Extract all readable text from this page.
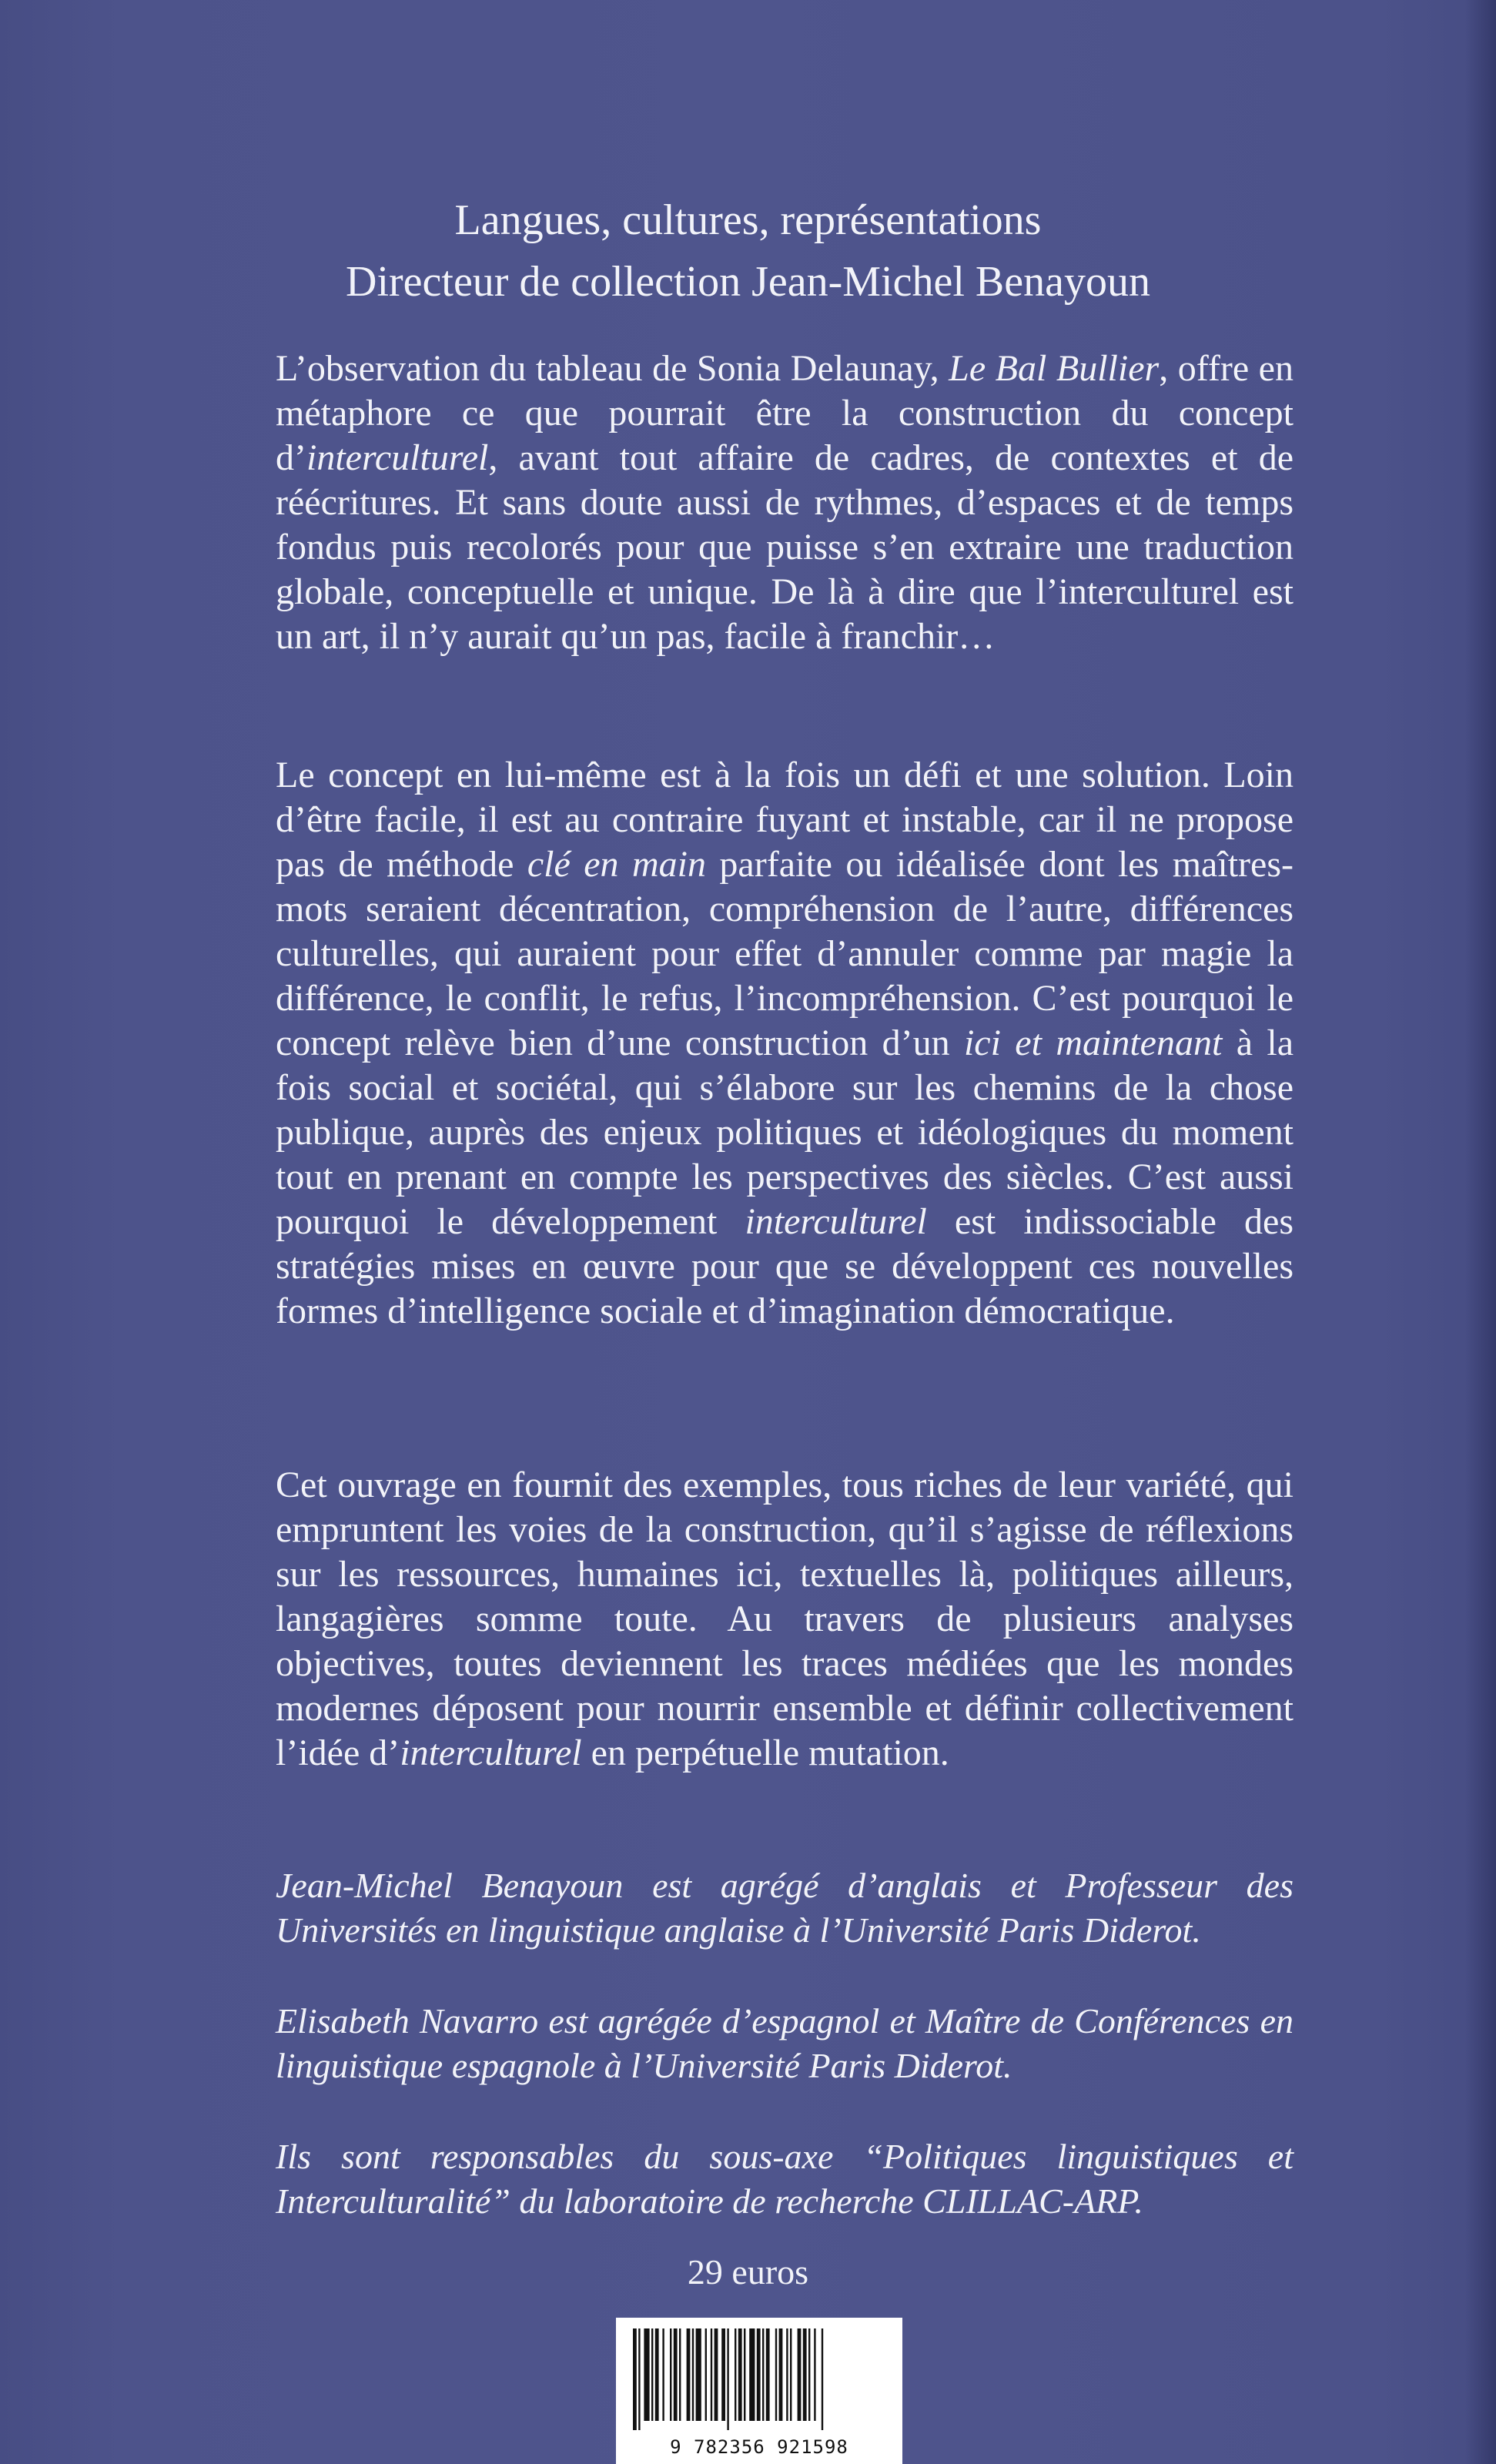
Langues, cultures, représentations
Directeur de collection Jean-Michel Benayoun

L’observation du tableau de Sonia Delaunay, Le Bal Bullier, offre en métaphore ce que pourrait être la construction du concept d’interculturel, avant tout affaire de cadres, de contextes et de réécritures. Et sans doute aussi de rythmes, d’espaces et de temps fondus puis recolorés pour que puisse s’en extraire une traduction globale, conceptuelle et unique. De là à dire que l’interculturel est un art, il n’y aurait qu’un pas, facile à franchir…

Le concept en lui-même est à la fois un défi et une solution. Loin d’être facile, il est au contraire fuyant et instable, car il ne propose pas de méthode clé en main parfaite ou idéalisée dont les maîtres-mots seraient décentration, compréhension de l’autre, différences culturelles, qui auraient pour effet d’annuler comme par magie la différence, le conflit, le refus, l’incompréhension. C’est pourquoi le concept relève bien d’une construction d’un ici et maintenant à la fois social et sociétal, qui s’élabore sur les chemins de la chose publique, auprès des enjeux politiques et idéologiques du moment tout en prenant en compte les perspectives des siècles. C’est aussi pourquoi le développement interculturel est indissociable des stratégies mises en œuvre pour que se développent ces nouvelles formes d’intelligence sociale et d’imagination démocratique.

Cet ouvrage en fournit des exemples, tous riches de leur variété, qui empruntent les voies de la construction, qu’il s’agisse de réflexions sur les ressources, humaines ici, textuelles là, politiques ailleurs, langagières somme toute. Au travers de plusieurs analyses objectives, toutes deviennent les traces médiées que les mondes modernes déposent pour nourrir ensemble et définir collectivement l’idée d’interculturel en perpétuelle mutation.

Jean-Michel Benayoun est agrégé d’anglais et Professeur des Universités en linguistique anglaise à l’Université Paris Diderot.

Elisabeth Navarro est agrégée d’espagnol et Maître de Conférences en linguistique espagnole à l’Université Paris Diderot.

Ils sont responsables du sous-axe “Politiques linguistiques et Interculturalité” du laboratoire de recherche CLILLAC-ARP.

29 euros
9 782356 921598
